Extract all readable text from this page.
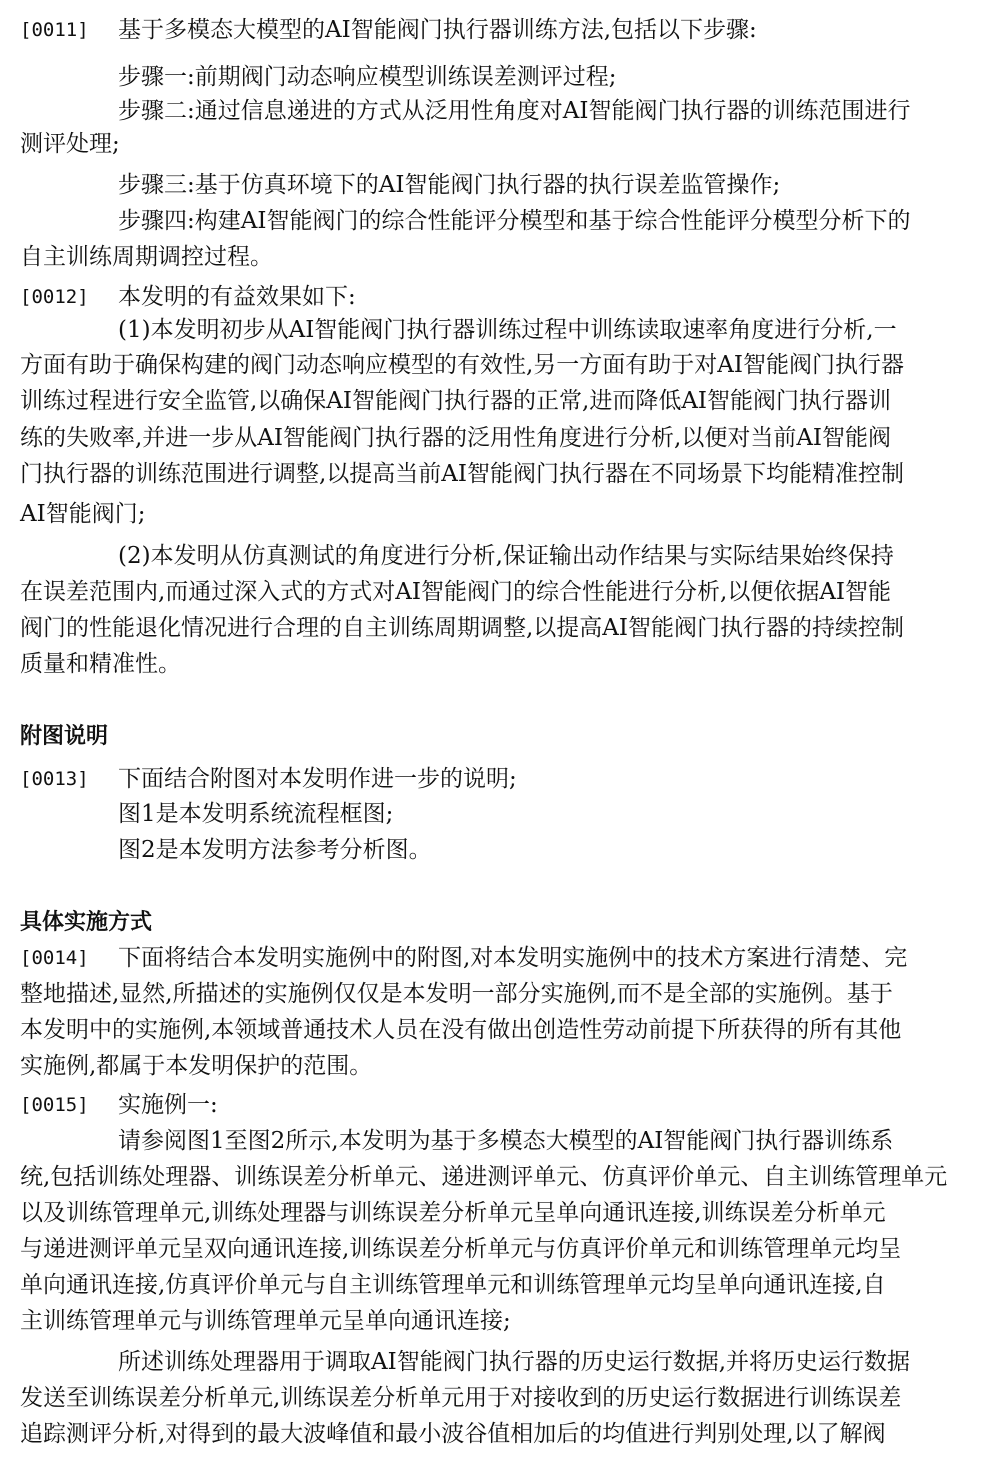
[0011] 基于多模态大模型的AI智能阀门执行器训练方法,包括以下步骤:
步骤一:前期阀门动态响应模型训练误差测评过程;
步骤二:通过信息递进的方式从泛用性角度对AI智能阀门执行器的训练范围进行
测评处理;
步骤三:基于仿真环境下的AI智能阀门执行器的执行误差监管操作;
步骤四:构建AI智能阀门的综合性能评分模型和基于综合性能评分模型分析下的
自主训练周期调控过程。
[0012] 本发明的有益效果如下:
(1)本发明初步从AI智能阀门执行器训练过程中训练读取速率角度进行分析,一
方面有助于确保构建的阀门动态响应模型的有效性,另一方面有助于对AI智能阀门执行器
训练过程进行安全监管,以确保AI智能阀门执行器的正常,进而降低AI智能阀门执行器训
练的失败率,并进一步从AI智能阀门执行器的泛用性角度进行分析,以便对当前AI智能阀
门执行器的训练范围进行调整,以提高当前AI智能阀门执行器在不同场景下均能精准控制
AI智能阀门;
(2)本发明从仿真测试的角度进行分析,保证输出动作结果与实际结果始终保持
在误差范围内,而通过深入式的方式对AI智能阀门的综合性能进行分析,以便依据AI智能
阀门的性能退化情况进行合理的自主训练周期调整,以提高AI智能阀门执行器的持续控制
质量和精准性。
附图说明
[0013] 下面结合附图对本发明作进一步的说明;
图1是本发明系统流程框图;
图2是本发明方法参考分析图。
具体实施方式
[0014] 下面将结合本发明实施例中的附图,对本发明实施例中的技术方案进行清楚、完
整地描述,显然,所描述的实施例仅仅是本发明一部分实施例,而不是全部的实施例。基于
本发明中的实施例,本领域普通技术人员在没有做出创造性劳动前提下所获得的所有其他
实施例,都属于本发明保护的范围。
[0015] 实施例一:
请参阅图1至图2所示,本发明为基于多模态大模型的AI智能阀门执行器训练系
统,包括训练处理器、训练误差分析单元、递进测评单元、仿真评价单元、自主训练管理单元
以及训练管理单元,训练处理器与训练误差分析单元呈单向通讯连接,训练误差分析单元
与递进测评单元呈双向通讯连接,训练误差分析单元与仿真评价单元和训练管理单元均呈
单向通讯连接,仿真评价单元与自主训练管理单元和训练管理单元均呈单向通讯连接,自
主训练管理单元与训练管理单元呈单向通讯连接;
所述训练处理器用于调取AI智能阀门执行器的历史运行数据,并将历史运行数据
发送至训练误差分析单元,训练误差分析单元用于对接收到的历史运行数据进行训练误差
追踪测评分析,对得到的最大波峰值和最小波谷值相加后的均值进行判别处理,以了解阀
